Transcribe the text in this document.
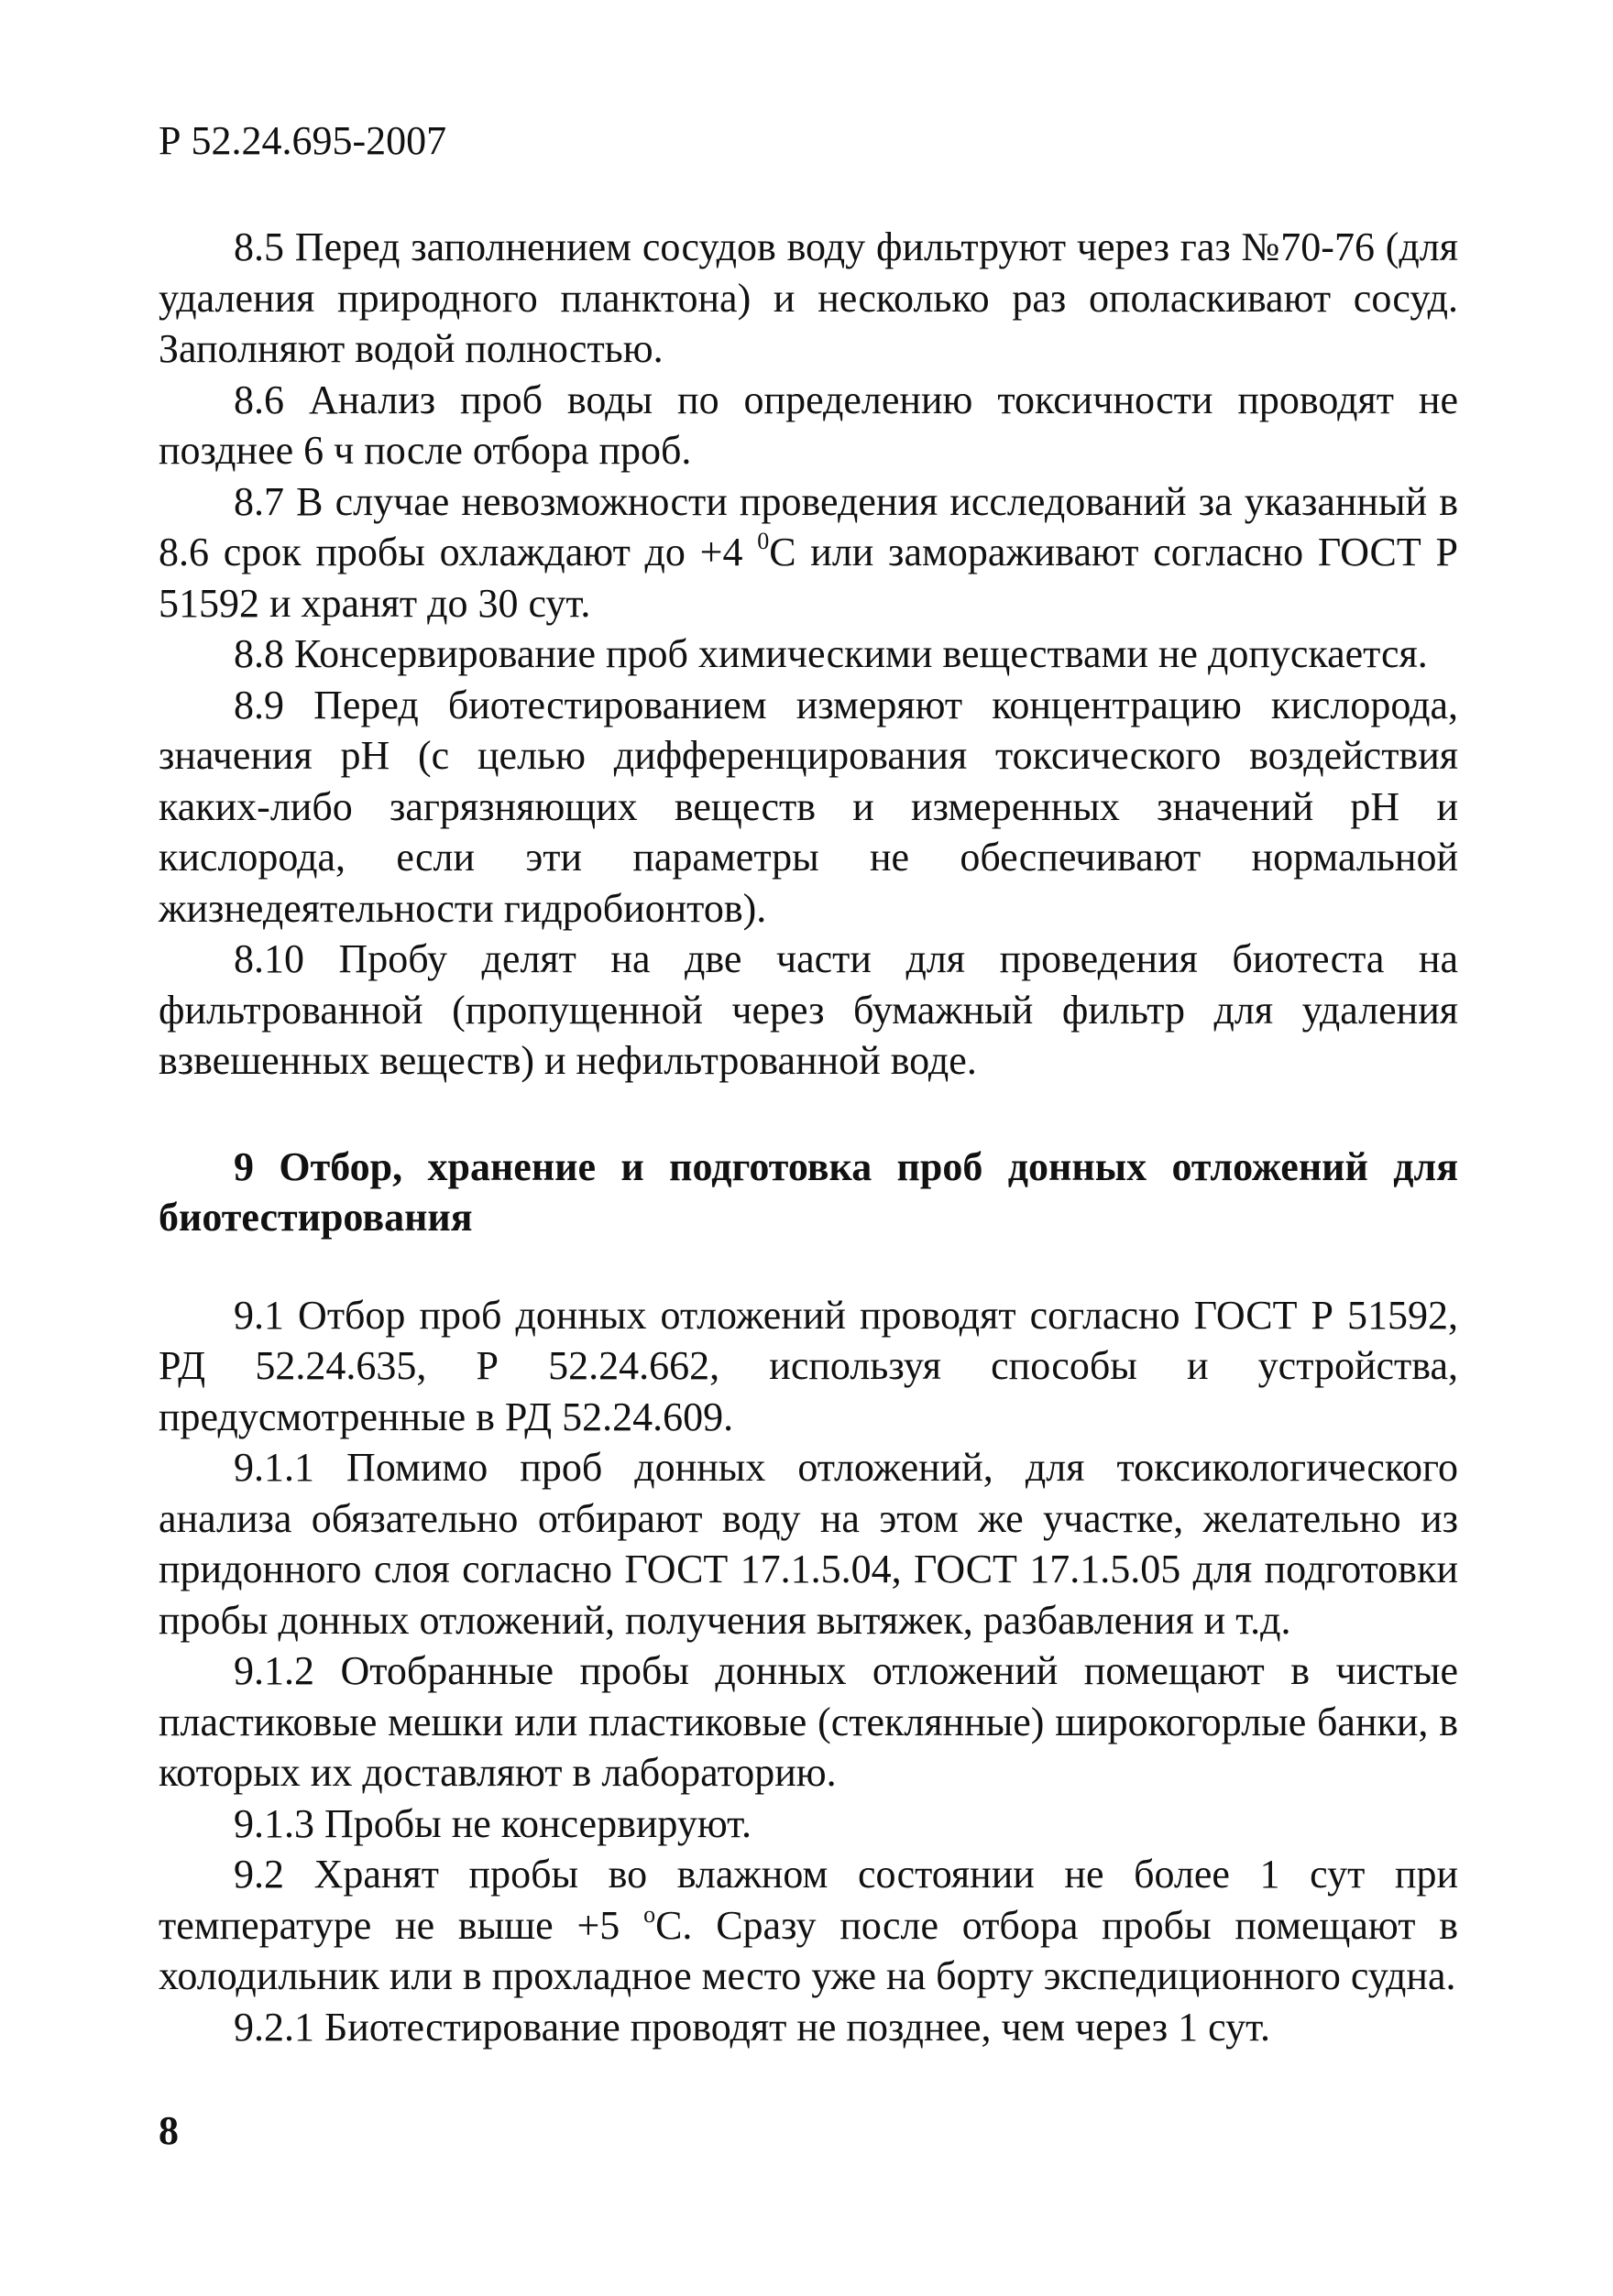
Р 52.24.695-2007

8.5 Перед заполнением сосудов воду фильтруют через газ №70-76 (для удаления природного планктона) и несколько раз ополаскивают сосуд. Заполняют водой полностью.

8.6 Анализ проб воды по определению токсичности проводят не позднее 6 ч после отбора проб.

8.7 В случае невозможности проведения исследований за указанный в 8.6 срок пробы охлаждают до +4 $^0$С или замораживают согласно ГОСТ Р 51592 и хранят до 30 сут.

8.8 Консервирование проб химическими веществами не допускается.

8.9 Перед биотестированием измеряют концентрацию кислорода, значения pH (с целью дифференцирования токсического воздействия каких-либо загрязняющих веществ и измеренных значений pH и кислорода, если эти параметры не обеспечивают нормальной жизнедеятельности гидробионтов).

8.10 Пробу делят на две части для проведения биотеста на фильтрованной (пропущенной через бумажный фильтр для удаления взвешенных веществ) и нефильтрованной воде.

9 Отбор, хранение и подготовка проб донных отложений для биотестирования

9.1 Отбор проб донных отложений проводят согласно ГОСТ Р 51592, РД 52.24.635, Р 52.24.662, используя способы и устройства, предусмотренные в РД 52.24.609.

9.1.1 Помимо проб донных отложений, для токсикологического анализа обязательно отбирают воду на этом же участке, желательно из придонного слоя согласно ГОСТ 17.1.5.04, ГОСТ 17.1.5.05 для подготовки пробы донных отложений, получения вытяжек, разбавления и т.д.

9.1.2 Отобранные пробы донных отложений помещают в чистые пластиковые мешки или пластиковые (стеклянные) широкогорлые банки, в которых их доставляют в лабораторию.

9.1.3 Пробы не консервируют.

9.2 Хранят пробы во влажном состоянии не более 1 сут при температуре не выше +5 $^о$С. Сразу после отбора пробы помещают в холодильник или в прохладное место уже на борту экспедиционного судна.

9.2.1 Биотестирование проводят не позднее, чем через 1 сут.

8
